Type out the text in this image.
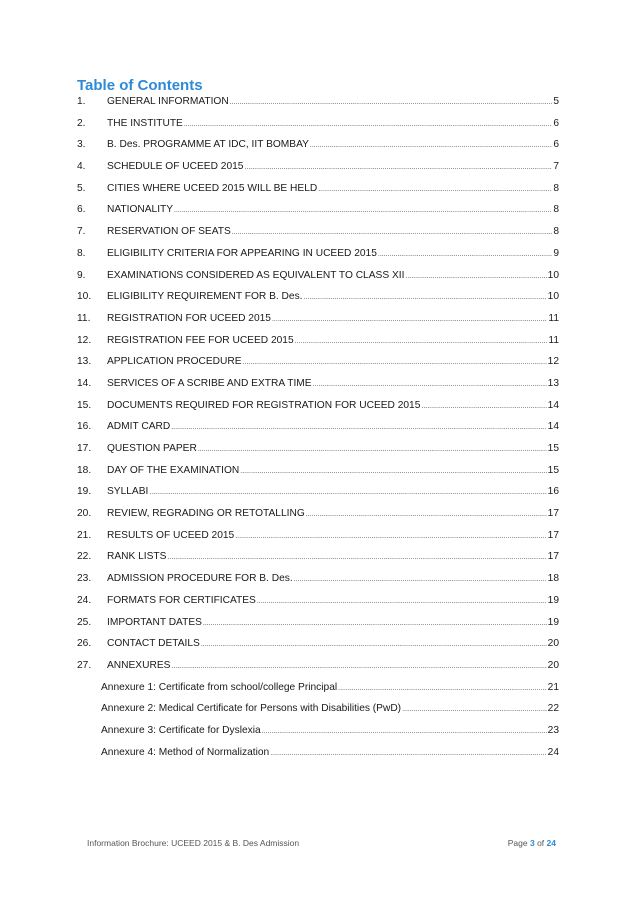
Table of Contents
1.	GENERAL INFORMATION .....	5
2.	THE INSTITUTE .....	6
3.	B. Des. PROGRAMME AT IDC, IIT BOMBAY .....	6
4.	SCHEDULE OF UCEED 2015 .....	7
5.	CITIES WHERE UCEED 2015 WILL BE HELD .....	8
6.	NATIONALITY .....	8
7.	RESERVATION OF SEATS .....	8
8.	ELIGIBILITY CRITERIA FOR APPEARING IN UCEED 2015 .....	9
9.	EXAMINATIONS CONSIDERED AS EQUIVALENT TO CLASS XII .....	10
10.	ELIGIBILITY REQUIREMENT FOR B. Des. .....	10
11.	REGISTRATION FOR UCEED 2015 .....	11
12.	REGISTRATION FEE FOR UCEED 2015 .....	11
13.	APPLICATION PROCEDURE .....	12
14.	SERVICES OF A SCRIBE AND EXTRA TIME .....	13
15.	DOCUMENTS REQUIRED FOR REGISTRATION FOR UCEED 2015 .....	14
16.	ADMIT CARD .....	14
17.	QUESTION PAPER .....	15
18.	DAY OF THE EXAMINATION .....	15
19.	SYLLABI .....	16
20.	REVIEW, REGRADING OR RETOTALLING .....	17
21.	RESULTS OF UCEED 2015 .....	17
22.	RANK LISTS .....	17
23.	ADMISSION PROCEDURE FOR B. Des. .....	18
24.	FORMATS FOR CERTIFICATES .....	19
25.	IMPORTANT DATES .....	19
26.	CONTACT DETAILS .....	20
27.	ANNEXURES .....	20
Annexure 1: Certificate from school/college Principal .....	21
Annexure 2: Medical Certificate for Persons with Disabilities (PwD) .....	22
Annexure 3: Certificate for Dyslexia .....	23
Annexure 4: Method of Normalization .....	24
Information Brochure: UCEED 2015 & B. Des Admission	Page 3 of 24
